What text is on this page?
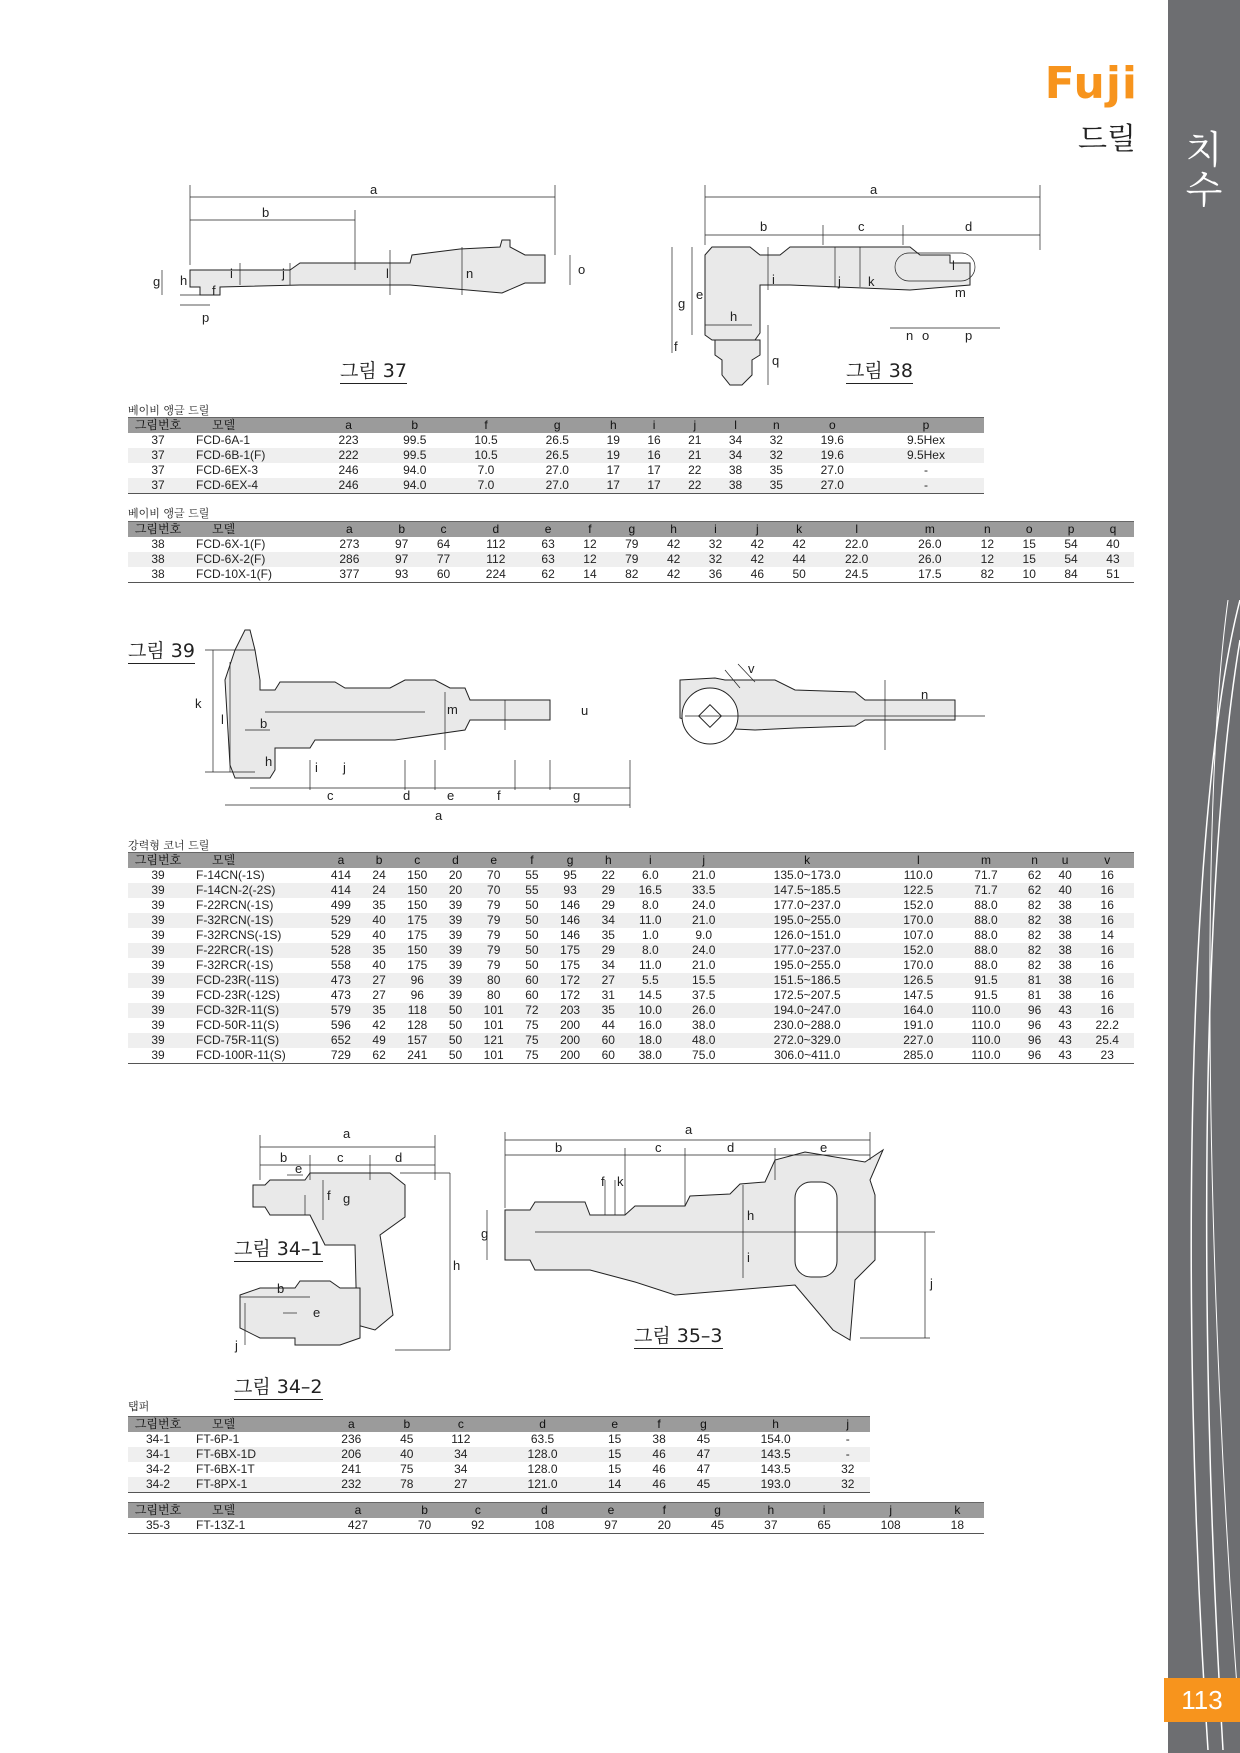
치
수
113
Fuji
드릴
a
b
g h	i
f
j	l	n	o
p
그림 37
a
b	c	d
g
e
h
i	j k
l
m
n o	p
f
q	그림 38
베이비 앵글 드릴
그림번호	모델	a	b	f	g	h	i	j	l	n	o	p
37	FCD-6A-1	223	99.5	10.5	26.5	19	16	21	34	32	19.6	9.5Hex
37	FCD-6B-1(F)	222	99.5	10.5	26.5	19	16	21	34	32	19.6	9.5Hex
37	FCD-6EX-3	246	94.0	7.0	27.0	17	17	22	38	35	27.0	-
37	FCD-6EX-4	246	94.0	7.0	27.0	17	17	22	38	35	27.0	-
베이비 앵글 드릴
그림번호	모델	a	b	c	d	e	f	g	h	i	j	k	l	m	n	o	p	q
38	FCD-6X-1(F)	273	97	64	112	63	12	79	42	32	42	42	22.0	26.0	12	15	54	40
38	FCD-6X-2(F)	286	97	77	112	63	12	79	42	32	42	44	22.0	26.0	12	15	54	43
38	FCD-10X-1(F)	377	93	60	224	62	14	82	42	36	46	50	24.5	17.5	82	10	84	51
그림 39
k
l	b
m	u
h	i j
c	d	e	f	g
a
v
n
강력형 코너 드릴
그림번호	모델	a	b	c	d	e	f	g	h	i	j	k	l	m	n	u	v
39	F-14CN(-1S)	414	24	150	20	70	55	95	22	6.0	21.0	135.0~173.0	110.0	71.7	62	40	16
39	F-14CN-2(-2S)	414	24	150	20	70	55	93	29	16.5	33.5	147.5~185.5	122.5	71.7	62	40	16
39	F-22RCN(-1S)	499	35	150	39	79	50	146	29	8.0	24.0	177.0~237.0	152.0	88.0	82	38	16
39	F-32RCN(-1S)	529	40	175	39	79	50	146	34	11.0	21.0	195.0~255.0	170.0	88.0	82	38	16
39	F-32RCNS(-1S)	529	40	175	39	79	50	146	35	1.0	9.0	126.0~151.0	107.0	88.0	82	38	14
39	F-22RCR(-1S)	528	35	150	39	79	50	175	29	8.0	24.0	177.0~237.0	152.0	88.0	82	38	16
39	F-32RCR(-1S)	558	40	175	39	79	50	175	34	11.0	21.0	195.0~255.0	170.0	88.0	82	38	16
39	FCD-23R(-11S)	473	27	96	39	80	60	172	27	5.5	15.5	151.5~186.5	126.5	91.5	81	38	16
39	FCD-23R(-12S)	473	27	96	39	80	60	172	31	14.5	37.5	172.5~207.5	147.5	91.5	81	38	16
39	FCD-32R-11(S)	579	35	118	50	101	72	203	35	10.0	26.0	194.0~247.0	164.0	110.0	96	43	16
39	FCD-50R-11(S)	596	42	128	50	101	75	200	44	16.0	38.0	230.0~288.0	191.0	110.0	96	43	22.2
39	FCD-75R-11(S)	652	49	157	50	121	75	200	60	18.0	48.0	272.0~329.0	227.0	110.0	96	43	25.4
39	FCD-100R-11(S)	729	62	241	50	101	75	200	60	38.0	75.0	306.0~411.0	285.0	110.0	96	43	23
a
b	c	d
e
f g
h
b
e
j
그림 34–1
그림 34–2
a
b	c	d	e
f k
g
h
i
j
그림 35–3
탭퍼
그림번호	모델	a	b	c	d	e	f	g	h	j
34-1	FT-6P-1	236	45	112	63.5	15	38	45	154.0	-
34-1	FT-6BX-1D	206	40	34	128.0	15	46	47	143.5	-
34-2	FT-6BX-1T	241	75	34	128.0	15	46	47	143.5	32
34-2	FT-8PX-1	232	78	27	121.0	14	46	45	193.0	32
그림번호	모델	a	b	c	d	e	f	g	h	i	j	k
35-3	FT-13Z-1	427	70	92	108	97	20	45	37	65	108	18
